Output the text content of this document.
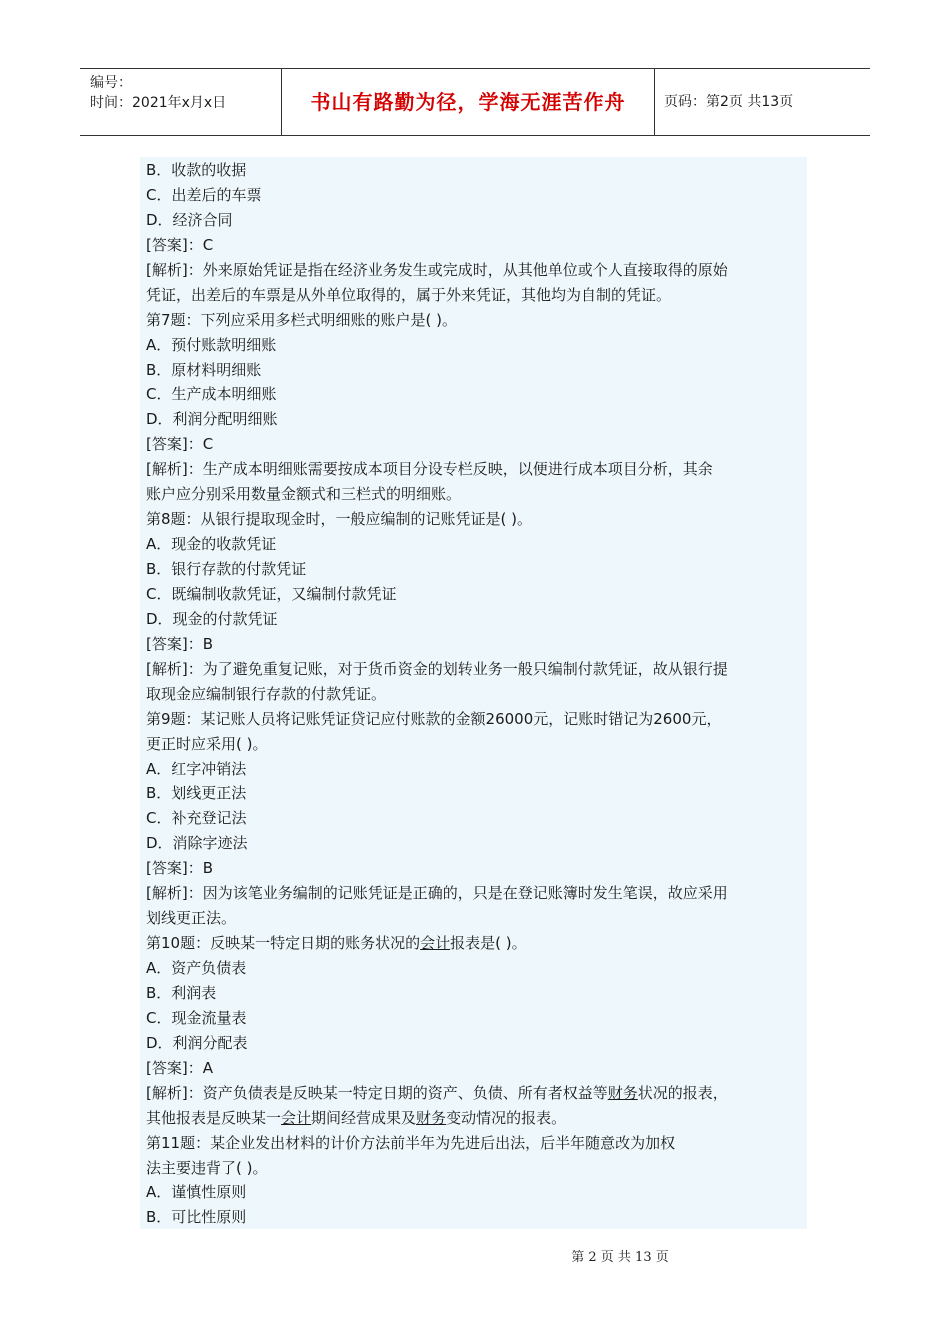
编号：
时间：2021年x月x日	书山有路勤为径，学海无涯苦作舟	页码：第2页 共13页
B．收款的收据
C．出差后的车票
D．经济合同
[答案]：C
[解析]：外来原始凭证是指在经济业务发生或完成时，从其他单位或个人直接取得的原始
凭证，出差后的车票是从外单位取得的，属于外来凭证，其他均为自制的凭证。
第7题：下列应采用多栏式明细账的账户是( )。
A．预付账款明细账
B．原材料明细账
C．生产成本明细账
D．利润分配明细账
[答案]：C
[解析]：生产成本明细账需要按成本项目分设专栏反映，以便进行成本项目分析，其余
账户应分别采用数量金额式和三栏式的明细账。
第8题：从银行提取现金时，一般应编制的记账凭证是( )。
A．现金的收款凭证
B．银行存款的付款凭证
C．既编制收款凭证，又编制付款凭证
D．现金的付款凭证
[答案]：B
[解析]：为了避免重复记账，对于货币资金的划转业务一般只编制付款凭证，故从银行提
取现金应编制银行存款的付款凭证。
第9题：某记账人员将记账凭证贷记应付账款的金额26000元，记账时错记为2600元，
更正时应采用( )。
A．红字冲销法
B．划线更正法
C．补充登记法
D．消除字迹法
[答案]：B
[解析]：因为该笔业务编制的记账凭证是正确的，只是在登记账簿时发生笔误，故应采用
划线更正法。
第10题：反映某一特定日期的账务状况的会计报表是( )。
A．资产负债表
B．利润表
C．现金流量表
D．利润分配表
[答案]：A
[解析]：资产负债表是反映某一特定日期的资产、负债、所有者权益等财务状况的报表，
其他报表是反映某一会计期间经营成果及财务变动情况的报表。
第11题：某企业发出材料的计价方法前半年为先进后出法，后半年随意改为加权
法主要违背了( )。
A．谨慎性原则
B．可比性原则
第 2 页 共 13 页
